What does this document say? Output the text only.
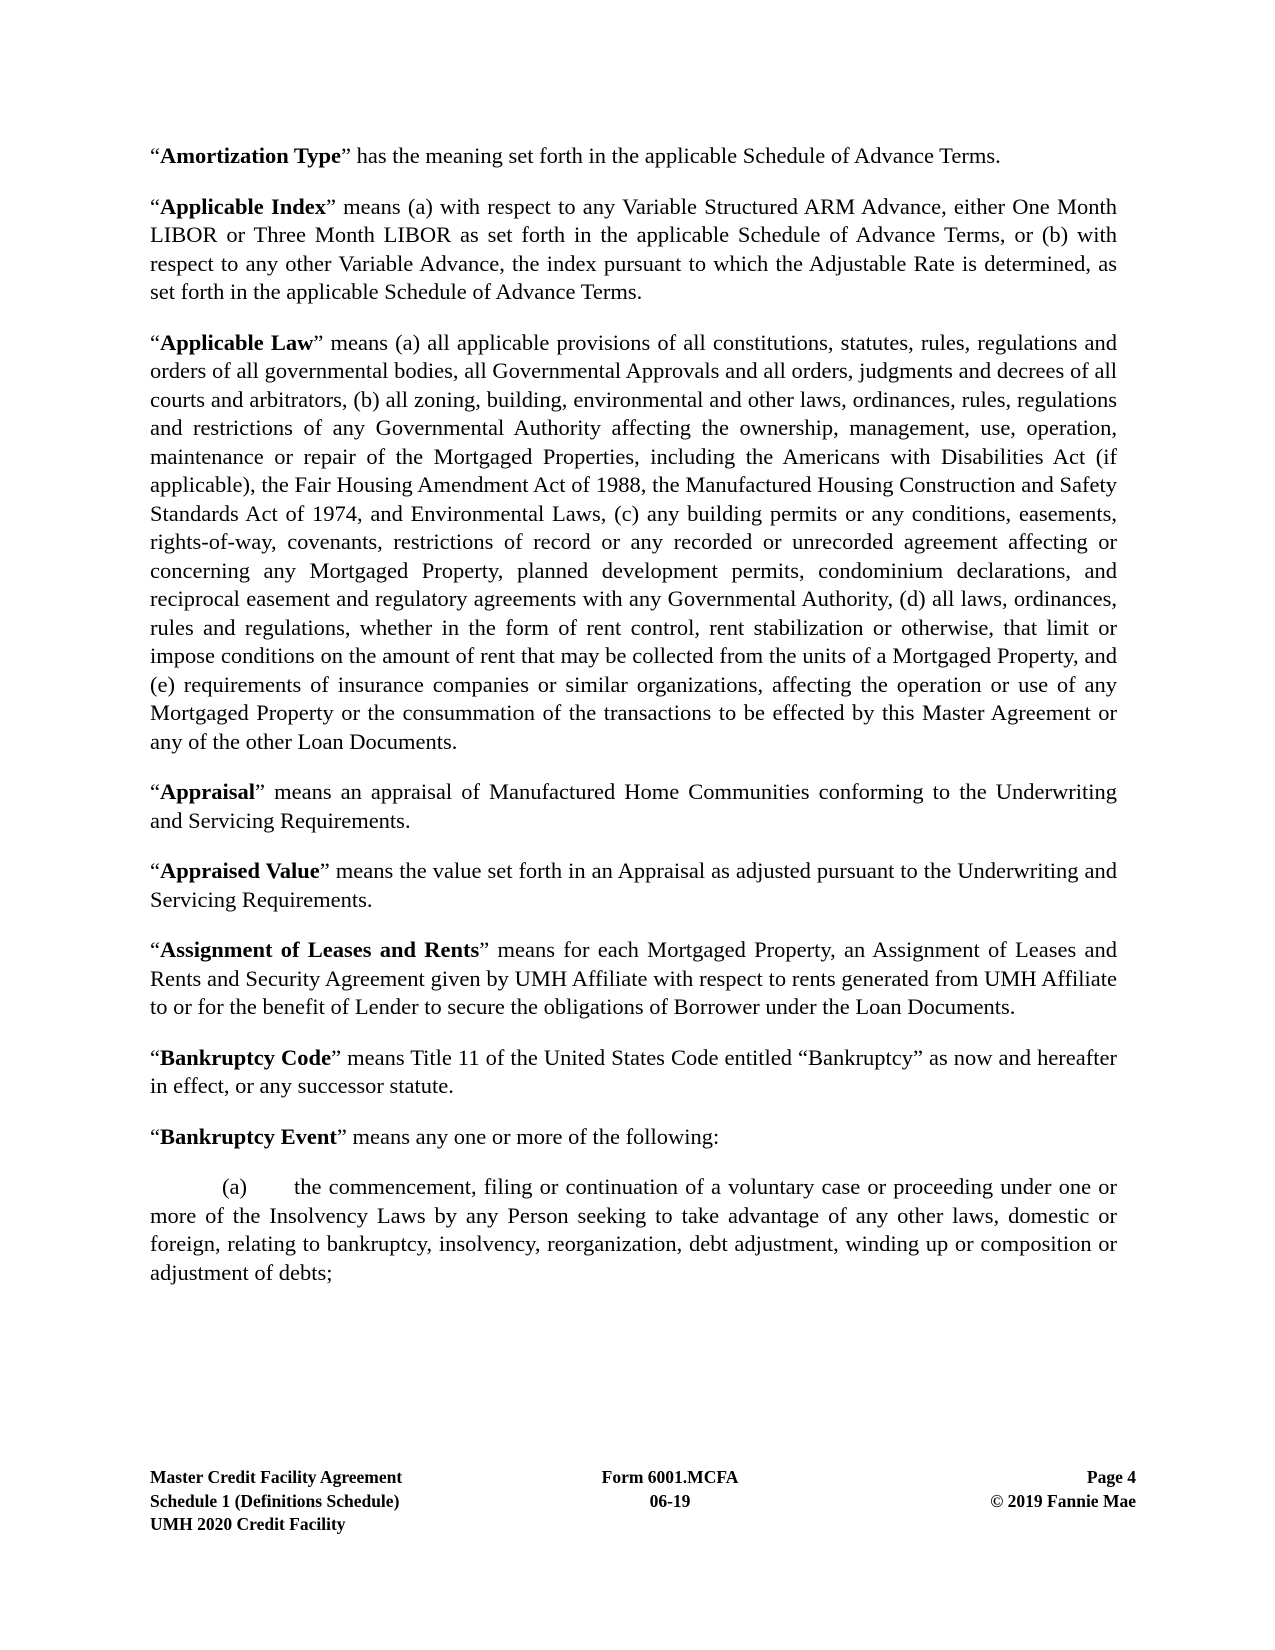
“Amortization Type” has the meaning set forth in the applicable Schedule of Advance Terms.

“Applicable Index” means (a) with respect to any Variable Structured ARM Advance, either One Month LIBOR or Three Month LIBOR as set forth in the applicable Schedule of Advance Terms, or (b) with respect to any other Variable Advance, the index pursuant to which the Adjustable Rate is determined, as set forth in the applicable Schedule of Advance Terms.

“Applicable Law” means (a) all applicable provisions of all constitutions, statutes, rules, regulations and orders of all governmental bodies, all Governmental Approvals and all orders, judgments and decrees of all courts and arbitrators, (b) all zoning, building, environmental and other laws, ordinances, rules, regulations and restrictions of any Governmental Authority affecting the ownership, management, use, operation, maintenance or repair of the Mortgaged Properties, including the Americans with Disabilities Act (if applicable), the Fair Housing Amendment Act of 1988, the Manufactured Housing Construction and Safety Standards Act of 1974, and Environmental Laws, (c) any building permits or any conditions, easements, rights-of-way, covenants, restrictions of record or any recorded or unrecorded agreement affecting or concerning any Mortgaged Property, planned development permits, condominium declarations, and reciprocal easement and regulatory agreements with any Governmental Authority, (d) all laws, ordinances, rules and regulations, whether in the form of rent control, rent stabilization or otherwise, that limit or impose conditions on the amount of rent that may be collected from the units of a Mortgaged Property, and (e) requirements of insurance companies or similar organizations, affecting the operation or use of any Mortgaged Property or the consummation of the transactions to be effected by this Master Agreement or any of the other Loan Documents.

“Appraisal” means an appraisal of Manufactured Home Communities conforming to the Underwriting and Servicing Requirements.

“Appraised Value” means the value set forth in an Appraisal as adjusted pursuant to the Underwriting and Servicing Requirements.

“Assignment of Leases and Rents” means for each Mortgaged Property, an Assignment of Leases and Rents and Security Agreement given by UMH Affiliate with respect to rents generated from UMH Affiliate to or for the benefit of Lender to secure the obligations of Borrower under the Loan Documents.

“Bankruptcy Code” means Title 11 of the United States Code entitled “Bankruptcy” as now and hereafter in effect, or any successor statute.

“Bankruptcy Event” means any one or more of the following:

(a) the commencement, filing or continuation of a voluntary case or proceeding under one or more of the Insolvency Laws by any Person seeking to take advantage of any other laws, domestic or foreign, relating to bankruptcy, insolvency, reorganization, debt adjustment, winding up or composition or adjustment of debts;

Master Credit Facility Agreement
Schedule 1 (Definitions Schedule)
UMH 2020 Credit Facility
Form 6001.MCFA
06-19
Page 4
© 2019 Fannie Mae
